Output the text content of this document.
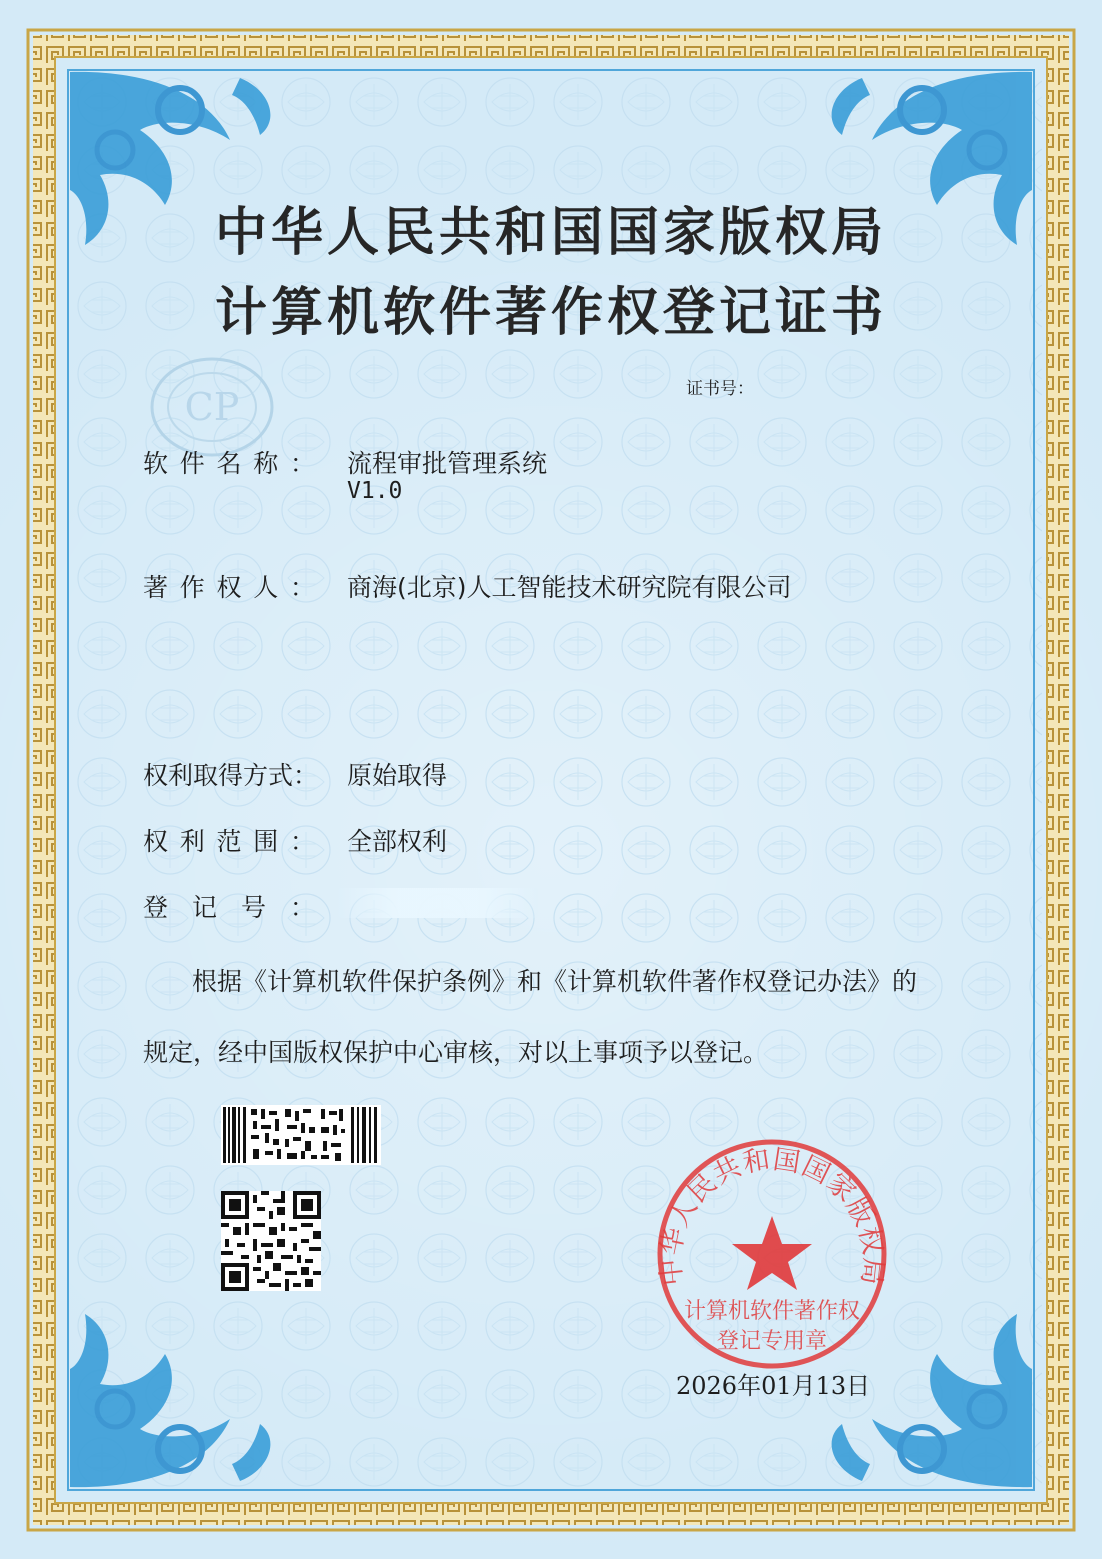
CP
中华人民共和国国家版权局
计算机软件著作权登记证书
证书号：
软件名称： 流程审批管理系统
V1.0
著作权人： 商海(北京)人工智能技术研究院有限公司
权利取得方式： 原始取得
权利范围： 全部权利
登记号：
根据《计算机软件保护条例》和《计算机软件著作权登记办法》的
规定，经中国版权保护中心审核，对以上事项予以登记。
中华人民共和国国家版权局
计算机软件著作权
登记专用章
2026年01月13日
